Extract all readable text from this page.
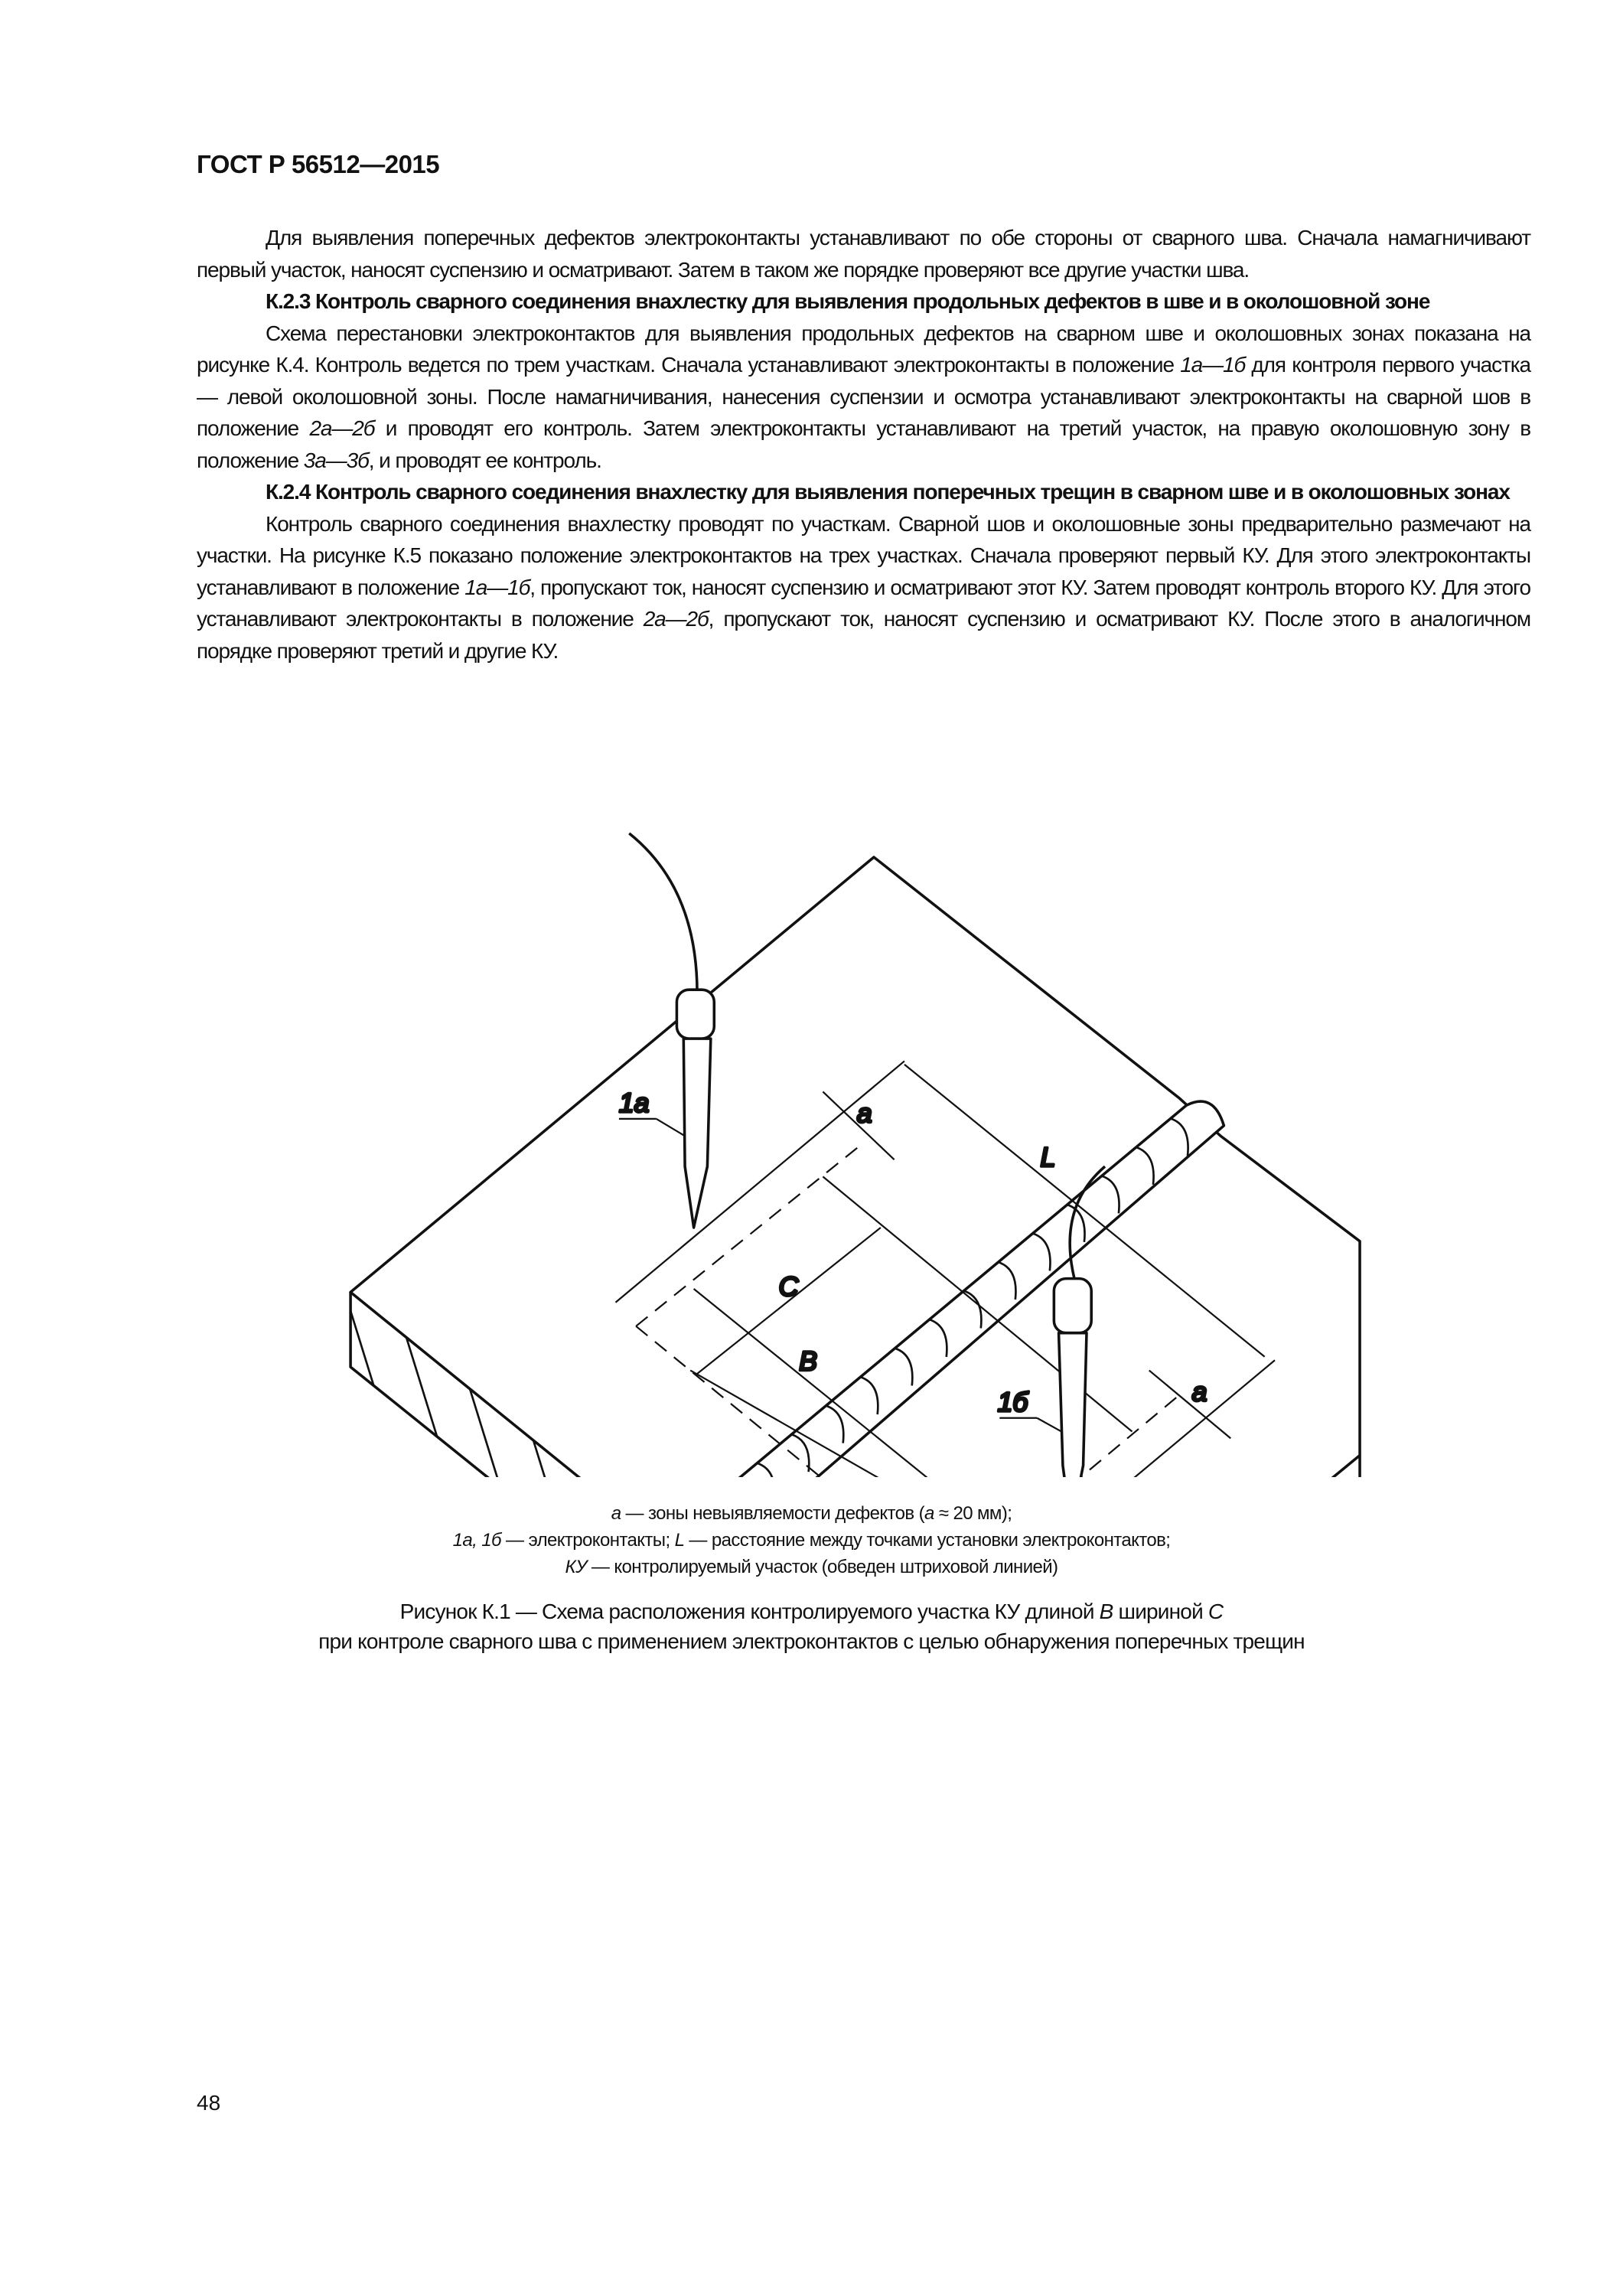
ГОСТ Р 56512—2015

Для выявления поперечных дефектов электроконтакты устанавливают по обе стороны от сварного шва. Сначала намагничивают первый участок, наносят суспензию и осматривают. Затем в таком же порядке проверяют все другие участки шва.

К.2.3 Контроль сварного соединения внахлестку для выявления продольных дефектов в шве и в околошовной зоне

Схема перестановки электроконтактов для выявления продольных дефектов на сварном шве и околошовных зонах показана на рисунке К.4. Контроль ведется по трем участкам. Сначала устанавливают электроконтакты в положение 1а—1б для контроля первого участка — левой околошовной зоны. После намагничивания, нанесения суспензии и осмотра устанавливают электроконтакты на сварной шов в положение 2а—2б и проводят его контроль. Затем электроконтакты устанавливают на третий участок, на правую околошовную зону в положение 3а—3б, и проводят ее контроль.

К.2.4 Контроль сварного соединения внахлестку для выявления поперечных трещин в сварном шве и в околошовных зонах

Контроль сварного соединения внахлестку проводят по участкам. Сварной шов и околошовные зоны предварительно размечают на участки. На рисунке К.5 показано положение электроконтактов на трех участках. Сначала проверяют первый КУ. Для этого электроконтакты устанавливают в положение 1а—1б, пропускают ток, наносят суспензию и осматривают этот КУ. Затем проводят контроль второго КУ. Для этого устанавливают электроконтакты в положение 2а—2б, пропускают ток, наносят суспензию и осматривают КУ. После этого в аналогичном порядке проверяют третий и другие КУ.

1а
1б
а
а
L
С
В
а — зоны невыявляемости дефектов (а ≈ 20 мм);
1а, 1б — электроконтакты; L — расстояние между точками установки электроконтактов;
КУ — контролируемый участок (обведен штриховой линией)
Рисунок К.1 — Схема расположения контролируемого участка КУ длиной В шириной С
при контроле сварного шва с применением электроконтактов с целью обнаружения поперечных трещин
48
